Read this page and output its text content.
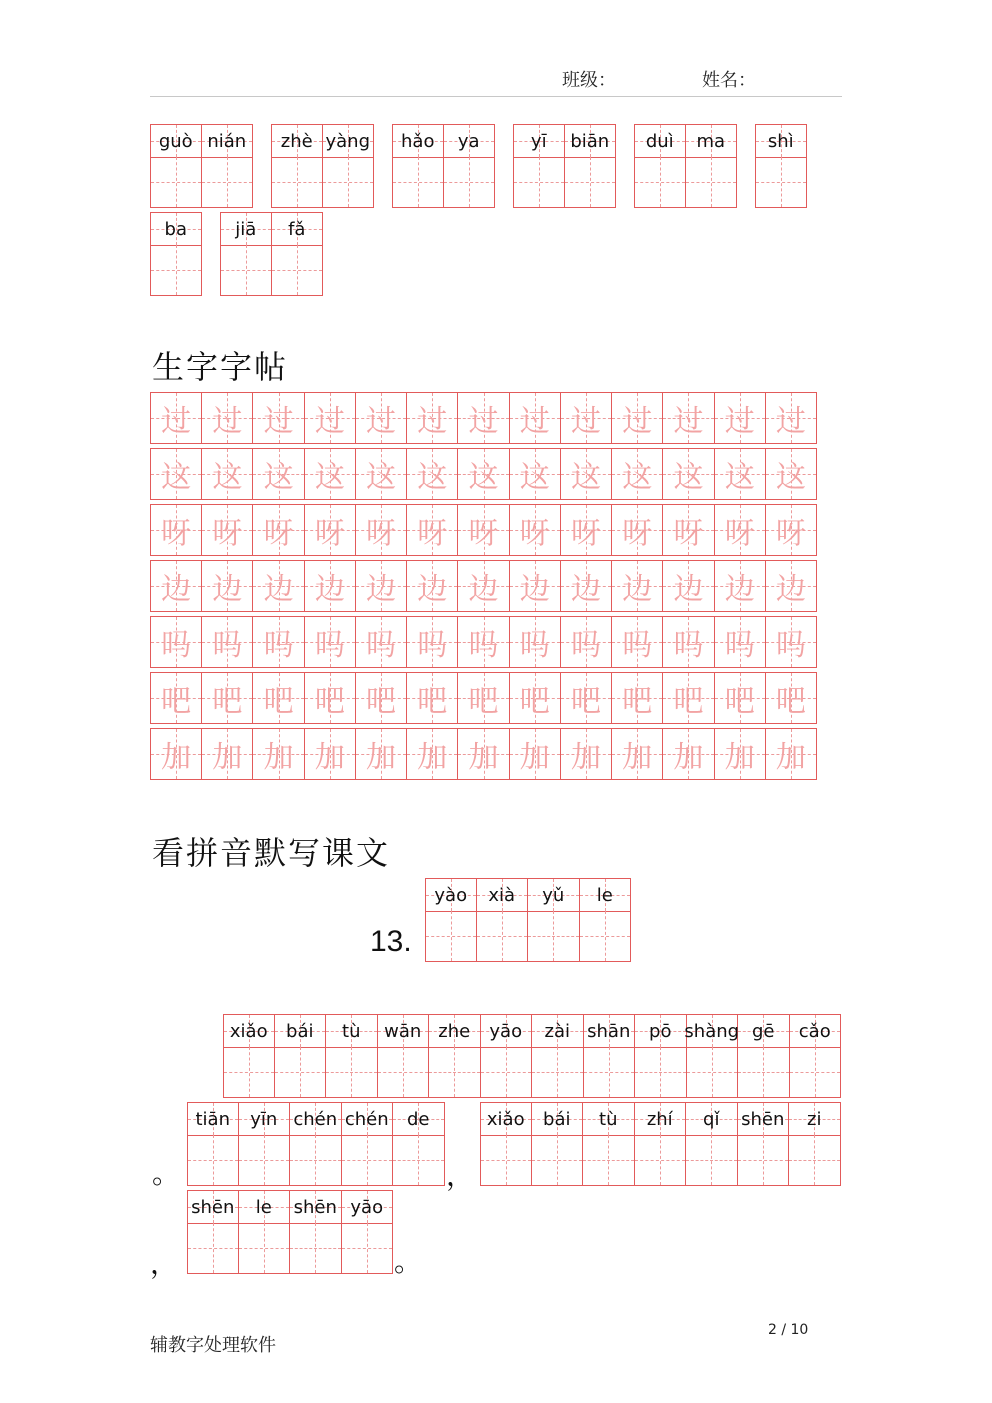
班级：	姓名：
guò nián zhè yàng hǎo ya	yī biān duì ma shì
ba	jiā fǎ
生字字帖
过 过 过 过 过 过 过 过 过 过 过 过 过
这 这 这 这 这 这 这 这 这 这 这 这 这
呀 呀 呀 呀 呀 呀 呀 呀 呀 呀 呀 呀 呀
边 边 边 边 边 边 边 边 边 边 边 边 边
吗 吗 吗 吗 吗 吗 吗 吗 吗 吗 吗 吗 吗
吧 吧 吧 吧 吧 吧 吧 吧 吧 吧 吧 吧 吧
加 加 加 加 加 加 加 加 加 加 加 加 加
看拼音默写课文
13.
yào xià yǔ le
xiǎo bái tù wān zhe yāo zài shān pō shàng gē cǎo
。
tiān yīn chén chén de
，
xiǎo bái tù zhí qǐ shēn zi
，
shēn le shēn yāo
。
辅教字处理软件
2 / 10
